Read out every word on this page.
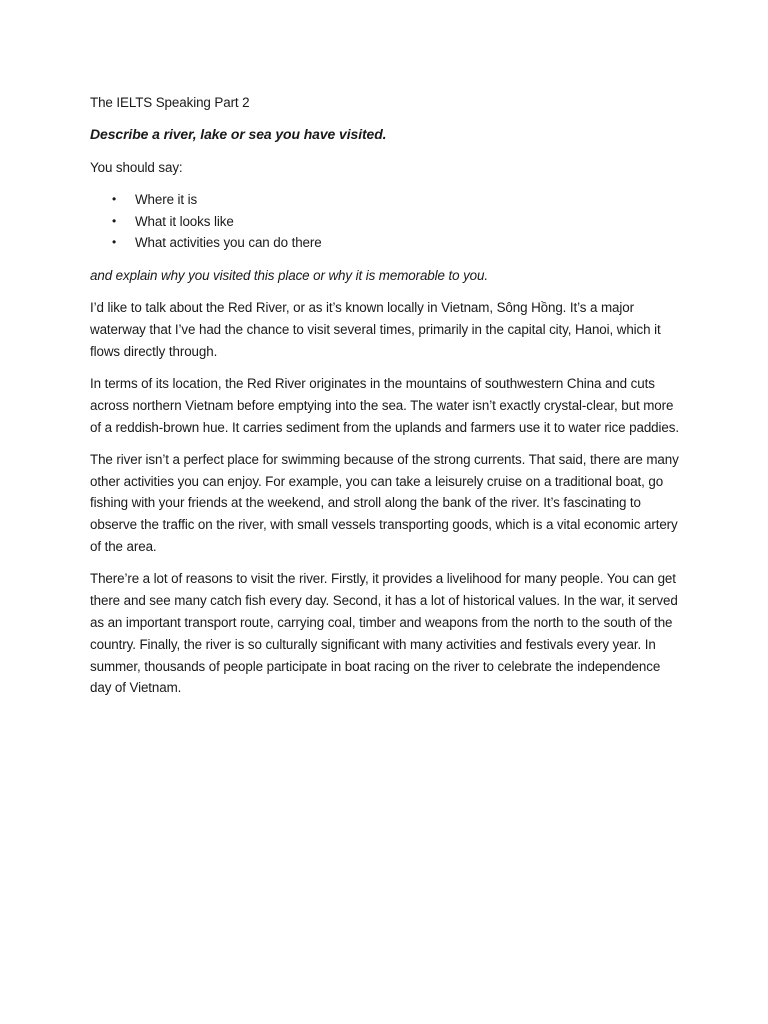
The IELTS Speaking Part 2

Describe a river, lake or sea you have visited.

You should say:

• Where it is
• What it looks like
• What activities you can do there

and explain why you visited this place or why it is memorable to you.

I’d like to talk about the Red River, or as it’s known locally in Vietnam, Sông Hồng. It’s a major waterway that I’ve had the chance to visit several times, primarily in the capital city, Hanoi, which it flows directly through.

In terms of its location, the Red River originates in the mountains of southwestern China and cuts across northern Vietnam before emptying into the sea. The water isn’t exactly crystal-clear, but more of a reddish-brown hue. It carries sediment from the uplands and farmers use it to water rice paddies.

The river isn’t a perfect place for swimming because of the strong currents. That said, there are many other activities you can enjoy. For example, you can take a leisurely cruise on a traditional boat, go fishing with your friends at the weekend, and stroll along the bank of the river. It’s fascinating to observe the traffic on the river, with small vessels transporting goods, which is a vital economic artery of the area.

There’re a lot of reasons to visit the river. Firstly, it provides a livelihood for many people. You can get there and see many catch fish every day. Second, it has a lot of historical values. In the war, it served as an important transport route, carrying coal, timber and weapons from the north to the south of the country. Finally, the river is so culturally significant with many activities and festivals every year. In summer, thousands of people participate in boat racing on the river to celebrate the independence day of Vietnam.
